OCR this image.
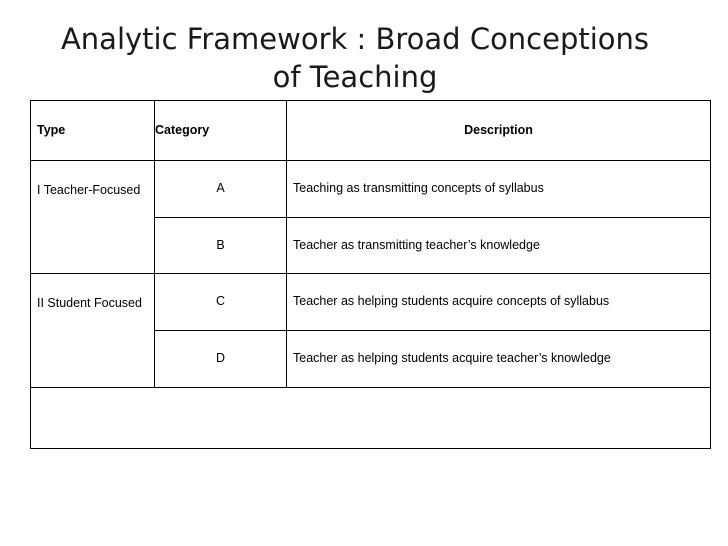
Analytic Framework : Broad Conceptions
of Teaching
Type	Category	Description
I Teacher-Focused	A	Teaching as transmitting concepts of syllabus
	B	Teacher as transmitting teacher’s knowledge
II Student Focused	C	Teacher as helping students acquire concepts of syllabus
	D	Teacher as helping students acquire teacher’s knowledge
